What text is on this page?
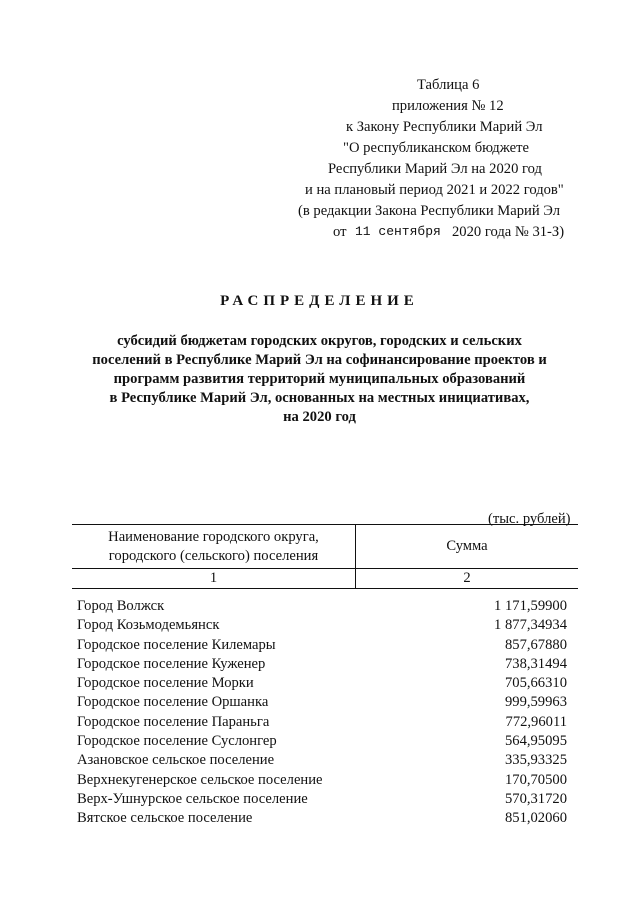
Таблица 6
приложения № 12
к Закону Республики Марий Эл
"О республиканском бюджете
Республики Марий Эл на 2020 год
и на плановый период 2021 и 2022 годов"
(в редакции Закона Республики Марий Эл
от 11 сентября 2020 года № 31-З)
РАСПРЕДЕЛЕНИЕ
субсидий бюджетам городских округов, городских и сельских
поселений в Республике Марий Эл на софинансирование проектов и
программ развития территорий муниципальных образований
в Республике Марий Эл, основанных на местных инициативах,
на 2020 год
(тыс. рублей)
Наименование городского округа,
городского (сельского) поселения
Сумма
1	2
Город Волжск	1 171,59900
Город Козьмодемьянск	1 877,34934
Городское поселение Килемары	857,67880
Городское поселение Куженер	738,31494
Городское поселение Морки	705,66310
Городское поселение Оршанка	999,59963
Городское поселение Параньга	772,96011
Городское поселение Суслонгер	564,95095
Азановское сельское поселение	335,93325
Верхнекугенерское сельское поселение	170,70500
Верх-Ушнурское сельское поселение	570,31720
Вятское сельское поселение	851,02060
